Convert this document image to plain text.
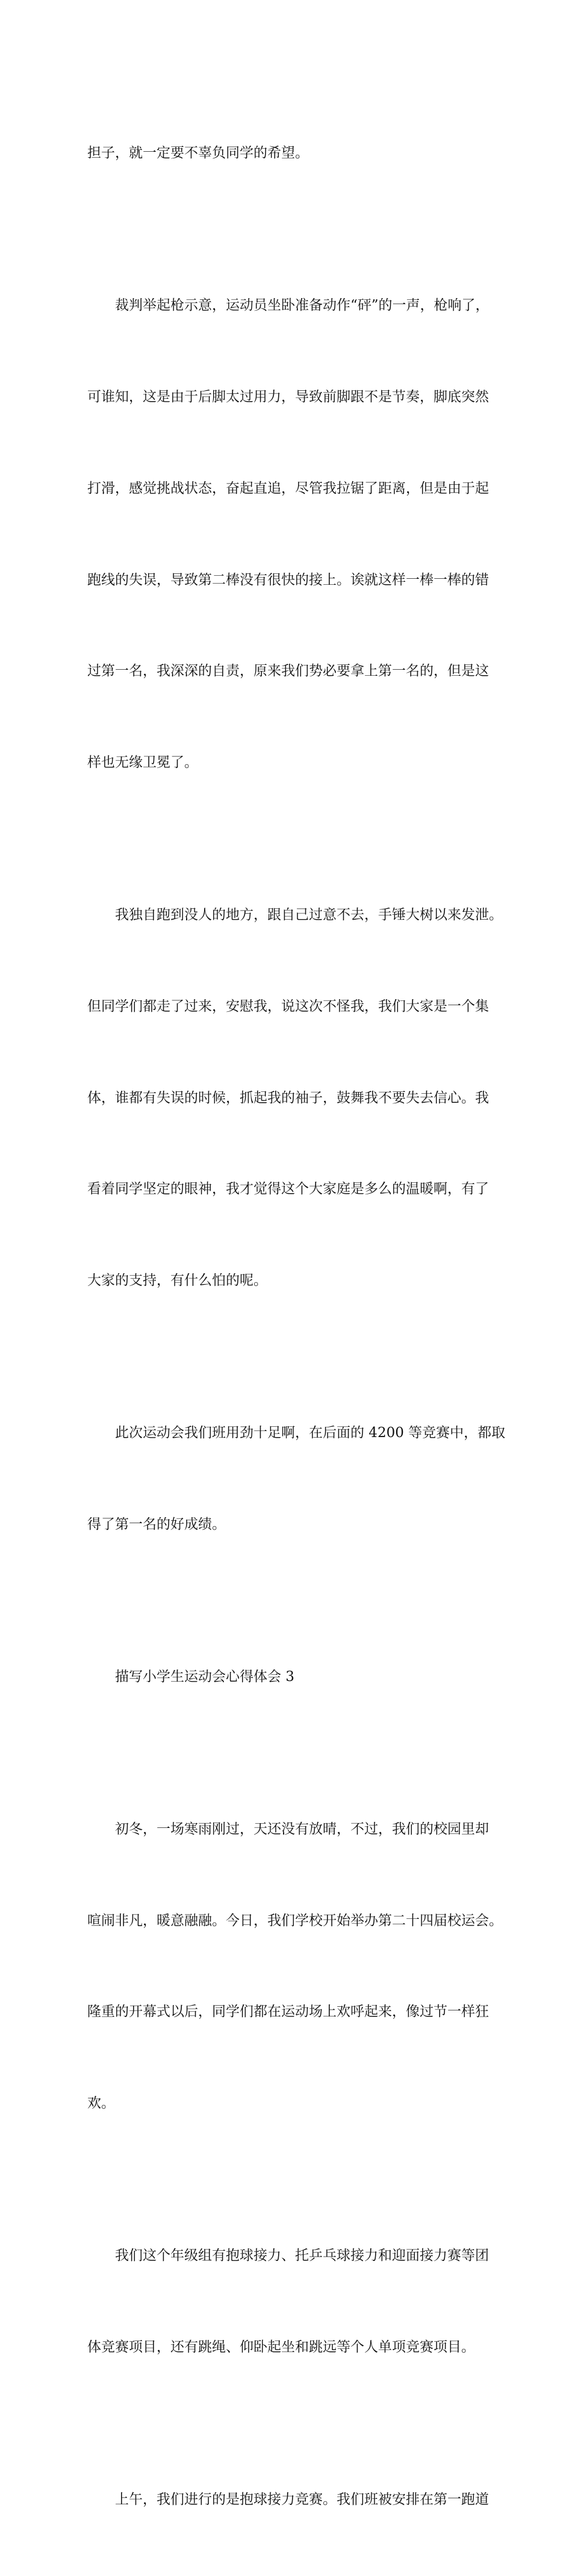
担子，就一定要不辜负同学的希望。

裁判举起枪示意，运动员坐卧准备动作“砰”的一声，枪响了，

可谁知，这是由于后脚太过用力，导致前脚跟不是节奏，脚底突然

打滑，感觉挑战状态，奋起直追，尽管我拉锯了距离，但是由于起

跑线的失误，导致第二棒没有很快的接上。诶就这样一棒一棒的错

过第一名，我深深的自责，原来我们势必要拿上第一名的，但是这

样也无缘卫冕了。

我独自跑到没人的地方，跟自己过意不去，手锤大树以来发泄。

但同学们都走了过来，安慰我，说这次不怪我，我们大家是一个集

体，谁都有失误的时候，抓起我的袖子，鼓舞我不要失去信心。我

看着同学坚定的眼神，我才觉得这个大家庭是多么的温暖啊，有了

大家的支持，有什么怕的呢。

此次运动会我们班用劲十足啊，在后面的 4200 等竞赛中，都取

得了第一名的好成绩。

描写小学生运动会心得体会 3

初冬，一场寒雨刚过，天还没有放晴，不过，我们的校园里却

喧闹非凡，暖意融融。今日，我们学校开始举办第二十四届校运会。

隆重的开幕式以后，同学们都在运动场上欢呼起来，像过节一样狂

欢。

我们这个年级组有抱球接力、托乒乓球接力和迎面接力赛等团

体竞赛项目，还有跳绳、仰卧起坐和跳远等个人单项竞赛项目。

上午，我们进行的是抱球接力竞赛。我们班被安排在第一跑道
